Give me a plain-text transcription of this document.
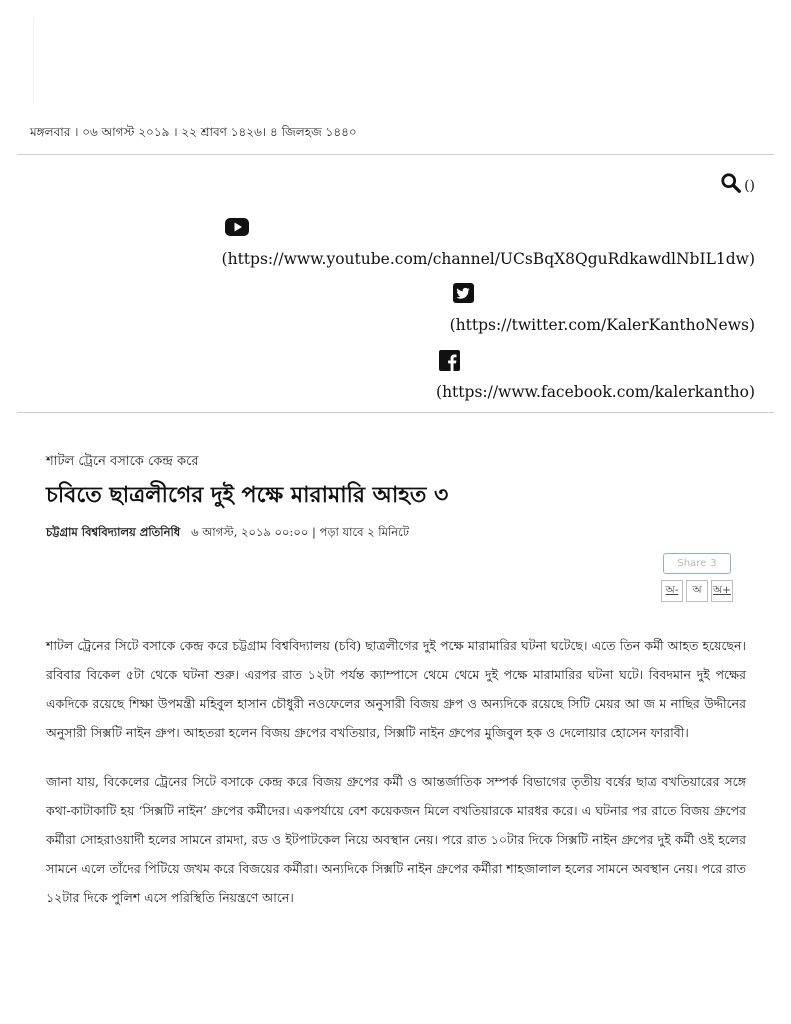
মঙ্গলবার । ০৬ আগস্ট ২০১৯ । ২২ শ্রাবণ ১৪২৬। ৪ জিলহজ ১৪৪০
()
(https://www.youtube.com/channel/UCsBqX8QguRdkawdlNbIL1dw)
(https://twitter.com/KalerKanthoNews)
(https://www.facebook.com/kalerkantho)
শাটল ট্রেনে বসাকে কেন্দ্র করে
চবিতে ছাত্রলীগের দুই পক্ষে মারামারি আহত ৩
চট্টগ্রাম বিশ্ববিদ্যালয় প্রতিনিধি ৬ আগস্ট, ২০১৯ ০০:০০ | পড়া যাবে ২ মিনিটে
Share 3
অ-	অ	অ+

শাটল ট্রেনের সিটে বসাকে কেন্দ্র করে চট্টগ্রাম বিশ্ববিদ্যালয় (চবি) ছাত্রলীগের দুই পক্ষে মারামারির ঘটনা ঘটেছে। এতে তিন কর্মী আহত হয়েছেন। রবিবার বিকেল ৫টা থেকে ঘটনা শুরু। এরপর রাত ১২টা পর্যন্ত ক্যাম্পাসে থেমে থেমে দুই পক্ষে মারামারির ঘটনা ঘটে। বিবদমান দুই পক্ষের একদিকে রয়েছে শিক্ষা উপমন্ত্রী মহিবুল হাসান চৌধুরী নওফেলের অনুসারী বিজয় গ্রুপ ও অন্যদিকে রয়েছে সিটি মেয়র আ জ ম নাছির উদ্দীনের অনুসারী সিক্সটি নাইন গ্রুপ। আহতরা হলেন বিজয় গ্রুপের বখতিয়ার, সিক্সটি নাইন গ্রুপের মুজিবুল হক ও দেলোয়ার হোসেন ফারাবী।

জানা যায়, বিকেলের ট্রেনের সিটে বসাকে কেন্দ্র করে বিজয় গ্রুপের কর্মী ও আন্তর্জাতিক সম্পর্ক বিভাগের তৃতীয় বর্ষের ছাত্র বখতিয়ারের সঙ্গে কথা-কাটাকাটি হয় ‘সিক্সটি নাইন’ গ্রুপের কর্মীদের। একপর্যায়ে বেশ কয়েকজন মিলে বখতিয়ারকে মারধর করে। এ ঘটনার পর রাতে বিজয় গ্রুপের কর্মীরা সোহরাওয়ার্দী হলের সামনে রামদা, রড ও ইটপাটকেল নিয়ে অবস্থান নেয়। পরে রাত ১০টার দিকে সিক্সটি নাইন গ্রুপের দুই কর্মী ওই হলের সামনে এলে তাঁদের পিটিয়ে জখম করে বিজয়ের কর্মীরা। অন্যদিকে সিক্সটি নাইন গ্রুপের কর্মীরা শাহজালাল হলের সামনে অবস্থান নেয়। পরে রাত ১২টার দিকে পুলিশ এসে পরিস্থিতি নিয়ন্ত্রণে আনে।
